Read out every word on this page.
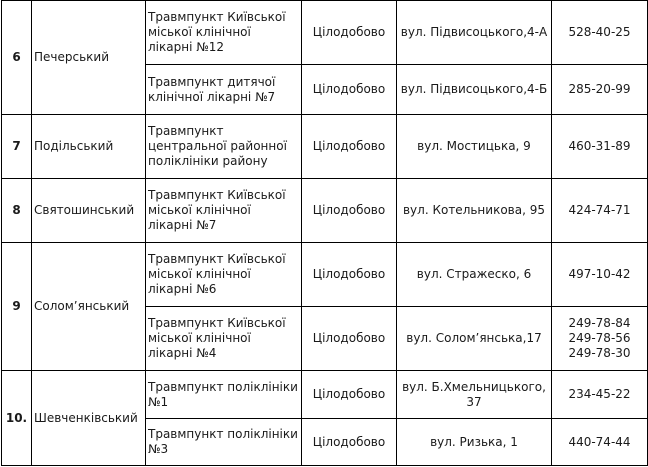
6	Печерський	Травмпункт Київської міської клінічної лікарні №12	Цілодобово	вул. Підвисоцького,4-А	528-40-25
		Травмпункт дитячої клінічної лікарні №7	Цілодобово	вул. Підвисоцького,4-Б	285-20-99
7	Подільський	Травмпункт центральної районної поліклініки району	Цілодобово	вул. Мостицька, 9	460-31-89
8	Святошинський	Травмпункт Київської міської клінічної лікарні №7	Цілодобово	вул. Котельникова, 95	424-74-71
9	Солом’янський	Травмпункт Київської міської клінічної лікарні №6	Цілодобово	вул. Стражеско, 6	497-10-42
		Травмпункт Київської міської клінічної лікарні №4	Цілодобово	вул. Солом’янська,17	249-78-84 249-78-56 249-78-30
10.	Шевченківський	Травмпункт поліклініки №1	Цілодобово	вул. Б.Хмельницького, 37	234-45-22
		Травмпункт поліклініки №3	Цілодобово	вул. Ризька, 1	440-74-44
